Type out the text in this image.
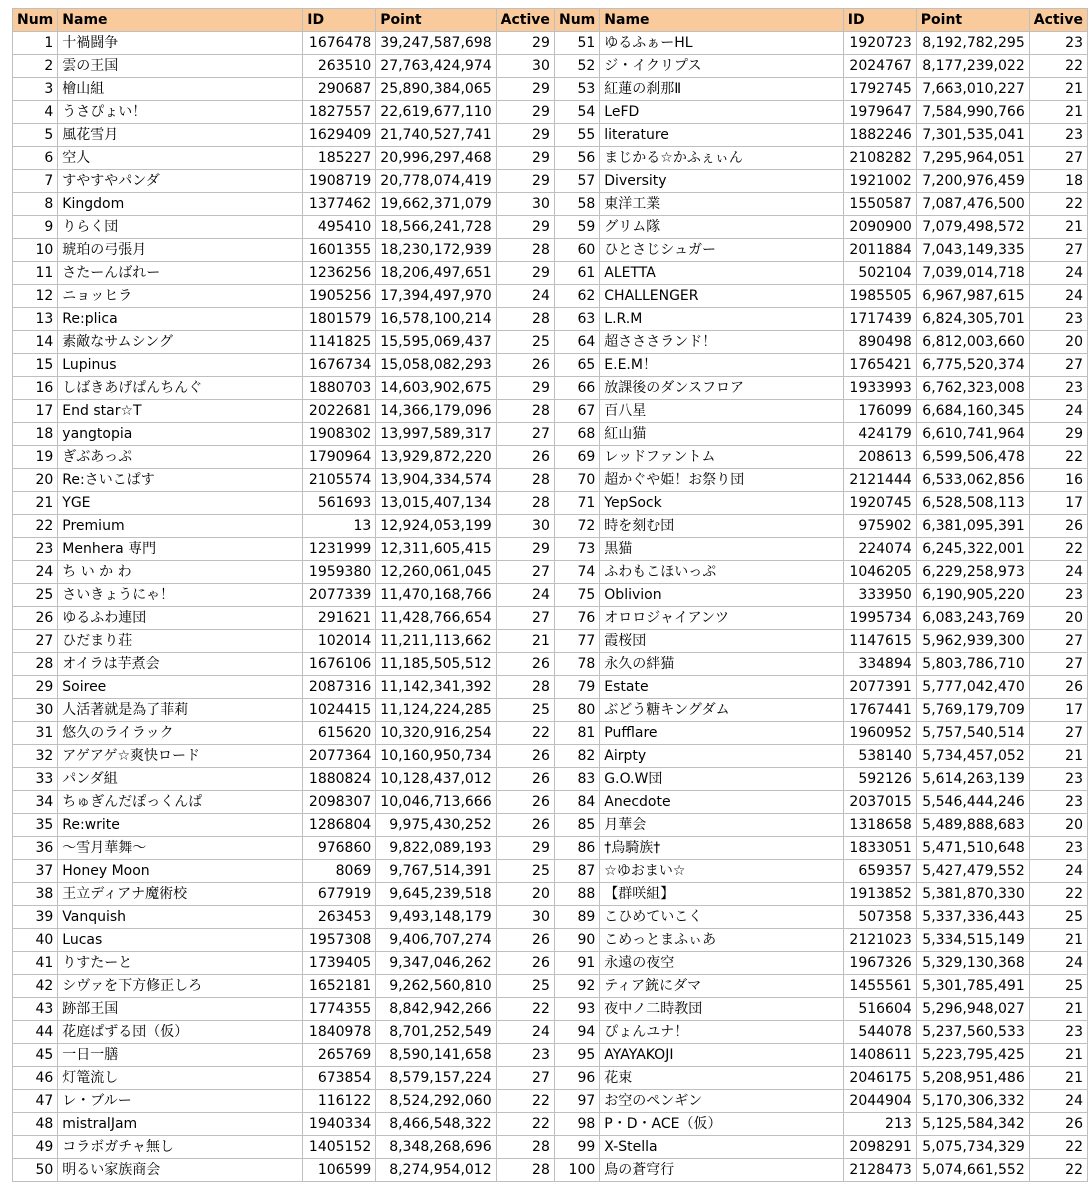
Num	Name	ID	Point	Active
1	十禍闘争	1676478	39,247,587,698	29
2	雲の王国	263510	27,763,424,974	30
3	檜山組	290687	25,890,384,065	29
4	うさぴょい！	1827557	22,619,677,110	29
5	風花雪月	1629409	21,740,527,741	29
6	空人	185227	20,996,297,468	29
7	すやすやパンダ	1908719	20,778,074,419	29
8	Kingdom	1377462	19,662,371,079	30
9	りらく団	495410	18,566,241,728	29
10	琥珀の弓張月	1601355	18,230,172,939	28
11	さたーんばれー	1236256	18,206,497,651	29
12	ニョッヒラ	1905256	17,394,497,970	24
13	Re:plica	1801579	16,578,100,214	28
14	素敵なサムシング	1141825	15,595,069,437	25
15	Lupinus	1676734	15,058,082,293	26
16	しばきあげぱんちんぐ	1880703	14,603,902,675	29
17	End star☆T	2022681	14,366,179,096	28
18	yangtopia	1908302	13,997,589,317	27
19	ぎぶあっぷ	1790964	13,929,872,220	26
20	Re:さいこぱす	2105574	13,904,334,574	28
21	YGE	561693	13,015,407,134	28
22	Premium	13	12,924,053,199	30
23	Menhera 専門	1231999	12,311,605,415	29
24	ち い か わ	1959380	12,260,061,045	27
25	さいきょうにゃ！	2077339	11,470,168,766	24
26	ゆるふわ連団	291621	11,428,766,654	27
27	ひだまり荘	102014	11,211,113,662	21
28	オイラは芋煮会	1676106	11,185,505,512	26
29	Soiree	2087316	11,142,341,392	28
30	人活著就是為了菲莉	1024415	11,124,224,285	25
31	悠久のライラック	615620	10,320,916,254	22
32	アゲアゲ☆爽快ロード	2077364	10,160,950,734	26
33	パンダ組	1880824	10,128,437,012	26
34	ちゅぎんだぽっくんぱ	2098307	10,046,713,666	26
35	Re:write	1286804	9,975,430,252	26
36	～雪月華舞～	976860	9,822,089,193	29
37	Honey Moon	8069	9,767,514,391	25
38	王立ディアナ魔術校	677919	9,645,239,518	20
39	Vanquish	263453	9,493,148,179	30
40	Lucas	1957308	9,406,707,274	26
41	りすたーと	1739405	9,347,046,262	26
42	シヴァを下方修正しろ	1652181	9,262,560,810	25
43	跡部王国	1774355	8,842,942,266	22
44	花庭ぱずる団（仮）	1840978	8,701,252,549	24
45	一日一膳	265769	8,590,141,658	23
46	灯篭流し	673854	8,579,157,224	27
47	レ・ブルー	116122	8,524,292,060	22
48	mistralJam	1940334	8,466,548,322	22
49	コラボガチャ無し	1405152	8,348,268,696	28
50	明るい家族商会	106599	8,274,954,012	28
Num	Name	ID	Point	Active
51	ゆるふぁーHL	1920723	8,192,782,295	23
52	ジ・イクリプス	2024767	8,177,239,022	22
53	紅蓮の刹那Ⅱ	1792745	7,663,010,227	21
54	LeFD	1979647	7,584,990,766	21
55	literature	1882246	7,301,535,041	23
56	まじかる☆かふぇぃん	2108282	7,295,964,051	27
57	Diversity	1921002	7,200,976,459	18
58	東洋工業	1550587	7,087,476,500	22
59	グリム隊	2090900	7,079,498,572	21
60	ひとさじシュガー	2011884	7,043,149,335	27
61	ALETTA	502104	7,039,014,718	24
62	CHALLENGER	1985505	6,967,987,615	24
63	L.R.M	1717439	6,824,305,701	23
64	超さささランド！	890498	6,812,003,660	20
65	E.E.M！	1765421	6,775,520,374	27
66	放課後のダンスフロア	1933993	6,762,323,008	23
67	百八星	176099	6,684,160,345	24
68	紅山猫	424179	6,610,741,964	29
69	レッドファントム	208613	6,599,506,478	22
70	超かぐや姫！お祭り団	2121444	6,533,062,856	16
71	YepSock	1920745	6,528,508,113	17
72	時を刻む団	975902	6,381,095,391	26
73	黒猫	224074	6,245,322,001	22
74	ふわもこほいっぷ	1046205	6,229,258,973	24
75	Oblivion	333950	6,190,905,220	23
76	オロロジャイアンツ	1995734	6,083,243,769	20
77	霞桜団	1147615	5,962,939,300	27
78	永久の絆猫	334894	5,803,786,710	27
79	Estate	2077391	5,777,042,470	26
80	ぶどう糖キングダム	1767441	5,769,179,709	17
81	Pufflare	1960952	5,757,540,514	27
82	Airpty	538140	5,734,457,052	21
83	G.O.W団	592126	5,614,263,139	23
84	Anecdote	2037015	5,546,444,246	23
85	月華会	1318658	5,489,888,683	20
86	†烏騎族†	1833051	5,471,510,648	23
87	☆ゆおまい☆	659357	5,427,479,552	24
88	【群咲組】	1913852	5,381,870,330	22
89	こひめていこく	507358	5,337,336,443	25
90	こめっとまふぃあ	2121023	5,334,515,149	21
91	永遠の夜空	1967326	5,329,130,368	24
92	ティア銃にダマ	1455561	5,301,785,491	25
93	夜中ノ二時教団	516604	5,296,948,027	21
94	ぴょんユナ！	544078	5,237,560,533	23
95	AYAYAKOJI	1408611	5,223,795,425	21
96	花束	2046175	5,208,951,486	21
97	お空のペンギン	2044904	5,170,306,332	24
98	P・D・ACE（仮）	213	5,125,584,342	26
99	X-Stella	2098291	5,075,734,329	22
100	鳥の蒼穹行	2128473	5,074,661,552	22
